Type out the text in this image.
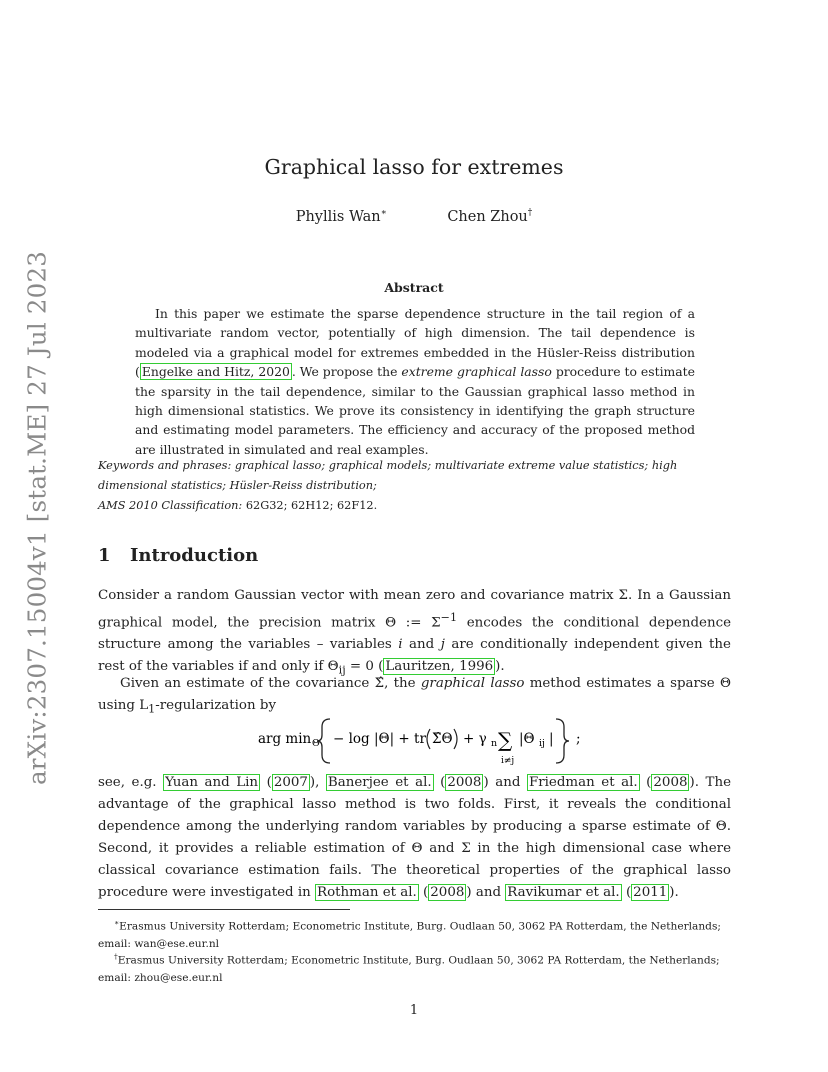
arXiv:2307.15004v1 [stat.ME] 27 Jul 2023
Graphical lasso for extremes
Phyllis Wan∗	Chen Zhou†
Abstract

In this paper we estimate the sparse dependence structure in the tail region of a multivariate random vector, potentially of high dimension. The tail dependence is modeled via a graphical model for extremes embedded in the Hüsler-Reiss distribution ( Engelke and Hitz, 2020 . We propose the extreme graphical lasso procedure to estimate the sparsity in the tail dependence, similar to the Gaussian graphical lasso method in high dimensional statistics. We prove its consistency in identifying the graph structure and estimating model parameters. The efficiency and accuracy of the proposed method are illustrated in simulated and real examples.

Keywords and phrases: graphical lasso; graphical models; multivariate extreme value statistics; high dimensional statistics; Hüsler-Reiss distribution;

AMS 2010 Classification: 62G32; 62H12; 62F12.

1 Introduction

Consider a random Gaussian vector with mean zero and covariance matrix Σ. In a Gaussian graphical model, the precision matrix Θ := $\Sigma^{-1}$ encodes the conditional dependence structure among the variables – variables i and j are conditionally independent given the rest of the variables if and only if $\Theta_{ij} = 0$ ( Lauritzen, 1996 ).

Given an estimate of the covariance Σ̂, the graphical lasso method estimates a sparse Θ using $L_1$-regularization by

arg min Θ − log |Θ| + tr Σ̂Θ + γ n ∑
i≠j
|Θ ij | ;

see, e.g. Yuan and Lin ( 2007 ), Banerjee et al. ( 2008 ) and Friedman et al. ( 2008 ). The advantage of the graphical lasso method is two folds. First, it reveals the conditional dependence among the underlying random variables by producing a sparse estimate of Θ. Second, it provides a reliable estimation of Θ and Σ in the high dimensional case where classical covariance estimation fails. The theoretical properties of the graphical lasso procedure were investigated in Rothman et al. ( 2008 ) and Ravikumar et al. ( 2011 ).

∗Erasmus University Rotterdam; Econometric Institute, Burg. Oudlaan 50, 3062 PA Rotterdam, the Netherlands; email: wan@ese.eur.nl

†Erasmus University Rotterdam; Econometric Institute, Burg. Oudlaan 50, 3062 PA Rotterdam, the Netherlands; email: zhou@ese.eur.nl

1
